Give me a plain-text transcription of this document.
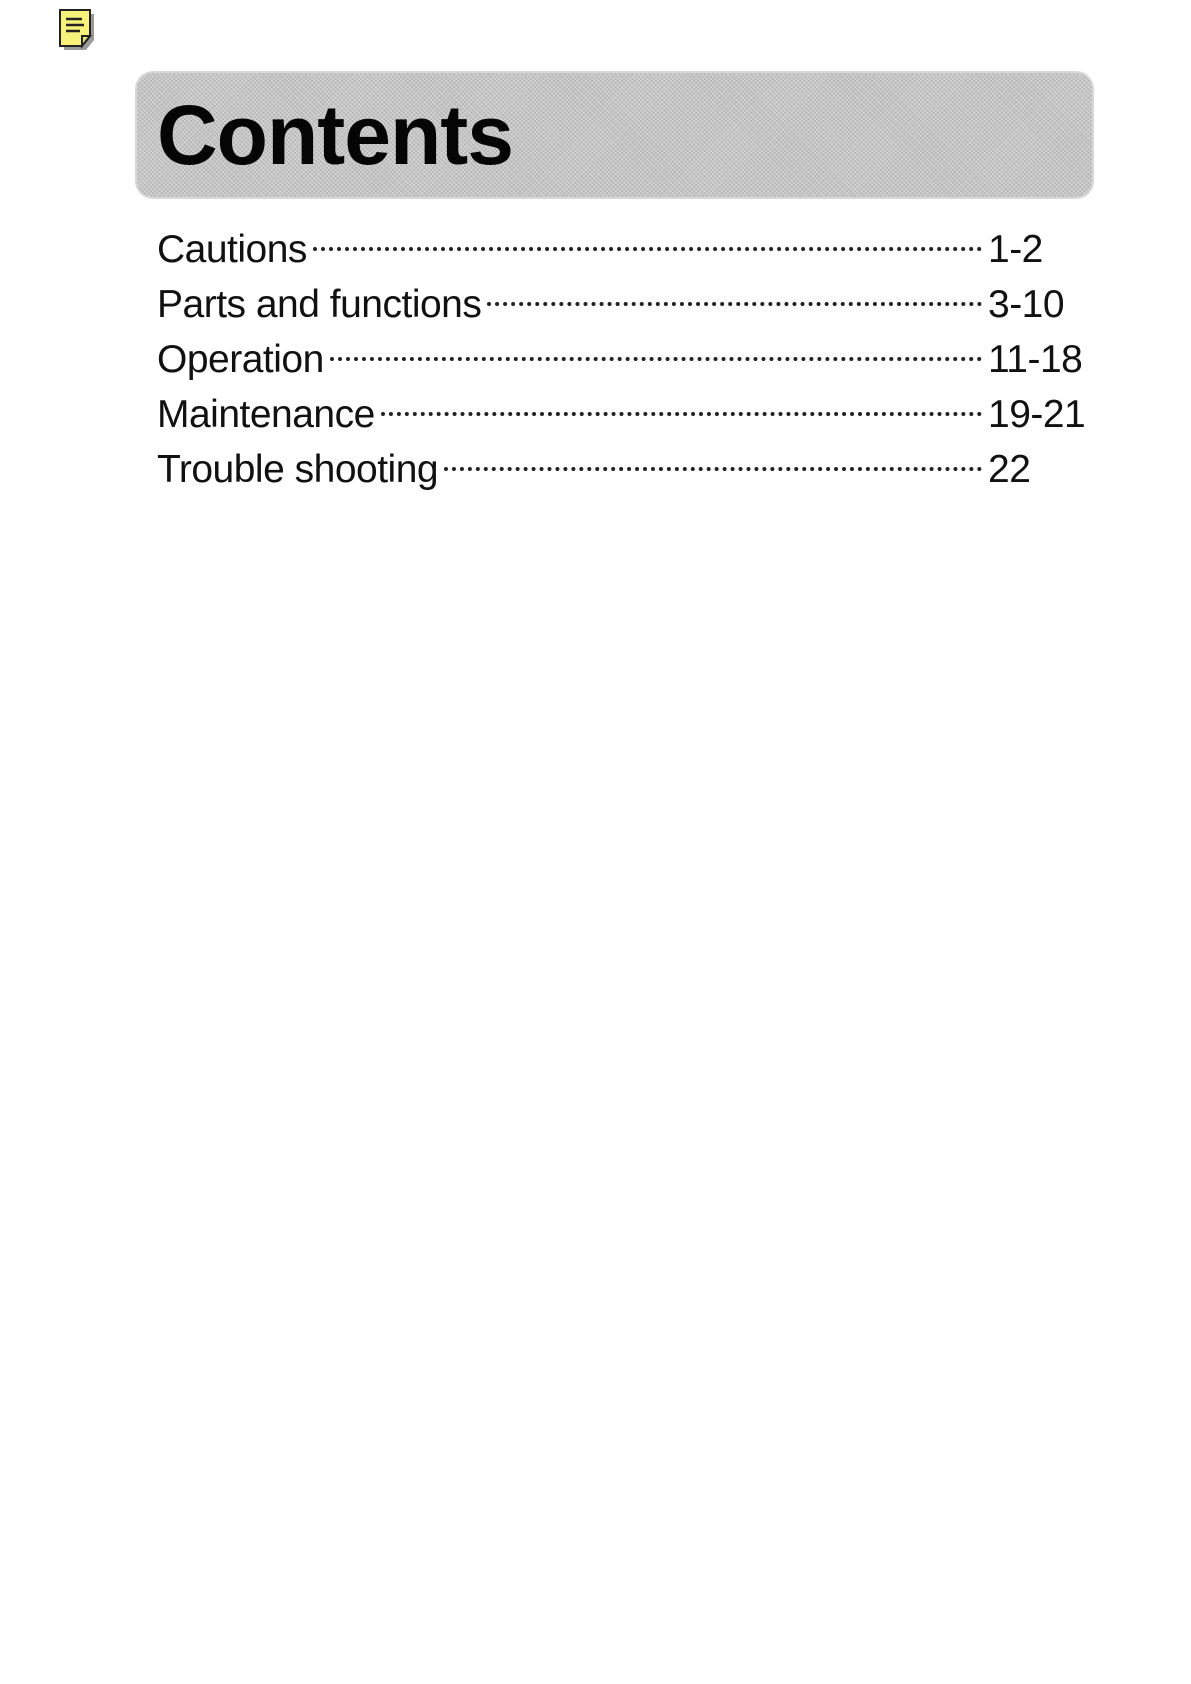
Contents
Cautions	1-2
Parts and functions	3-10
Operation	11-18
Maintenance	19-21
Trouble shooting	22
